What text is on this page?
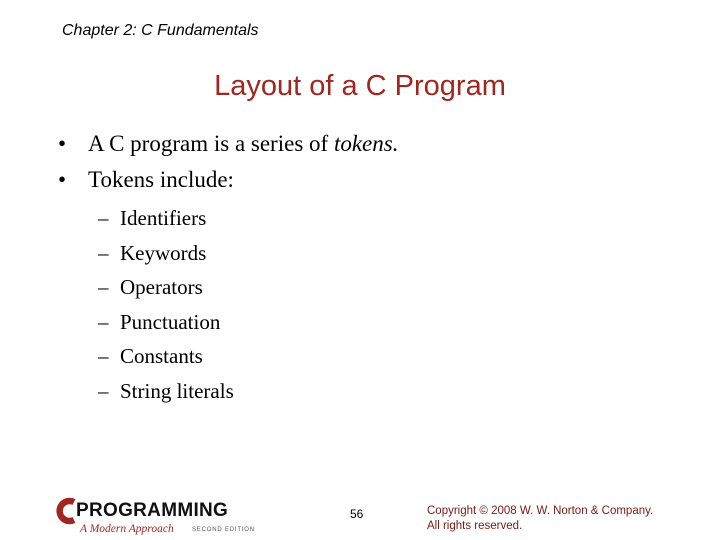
Chapter 2: C Fundamentals
Layout of a C Program
• A C program is a series of tokens.
• Tokens include:
– Identifiers
– Keywords
– Operators
– Punctuation
– Constants
– String literals
PROGRAMMING
A Modern Approach	SECOND EDITION
56	Copyright © 2008 W. W. Norton & Company.
All rights reserved.
